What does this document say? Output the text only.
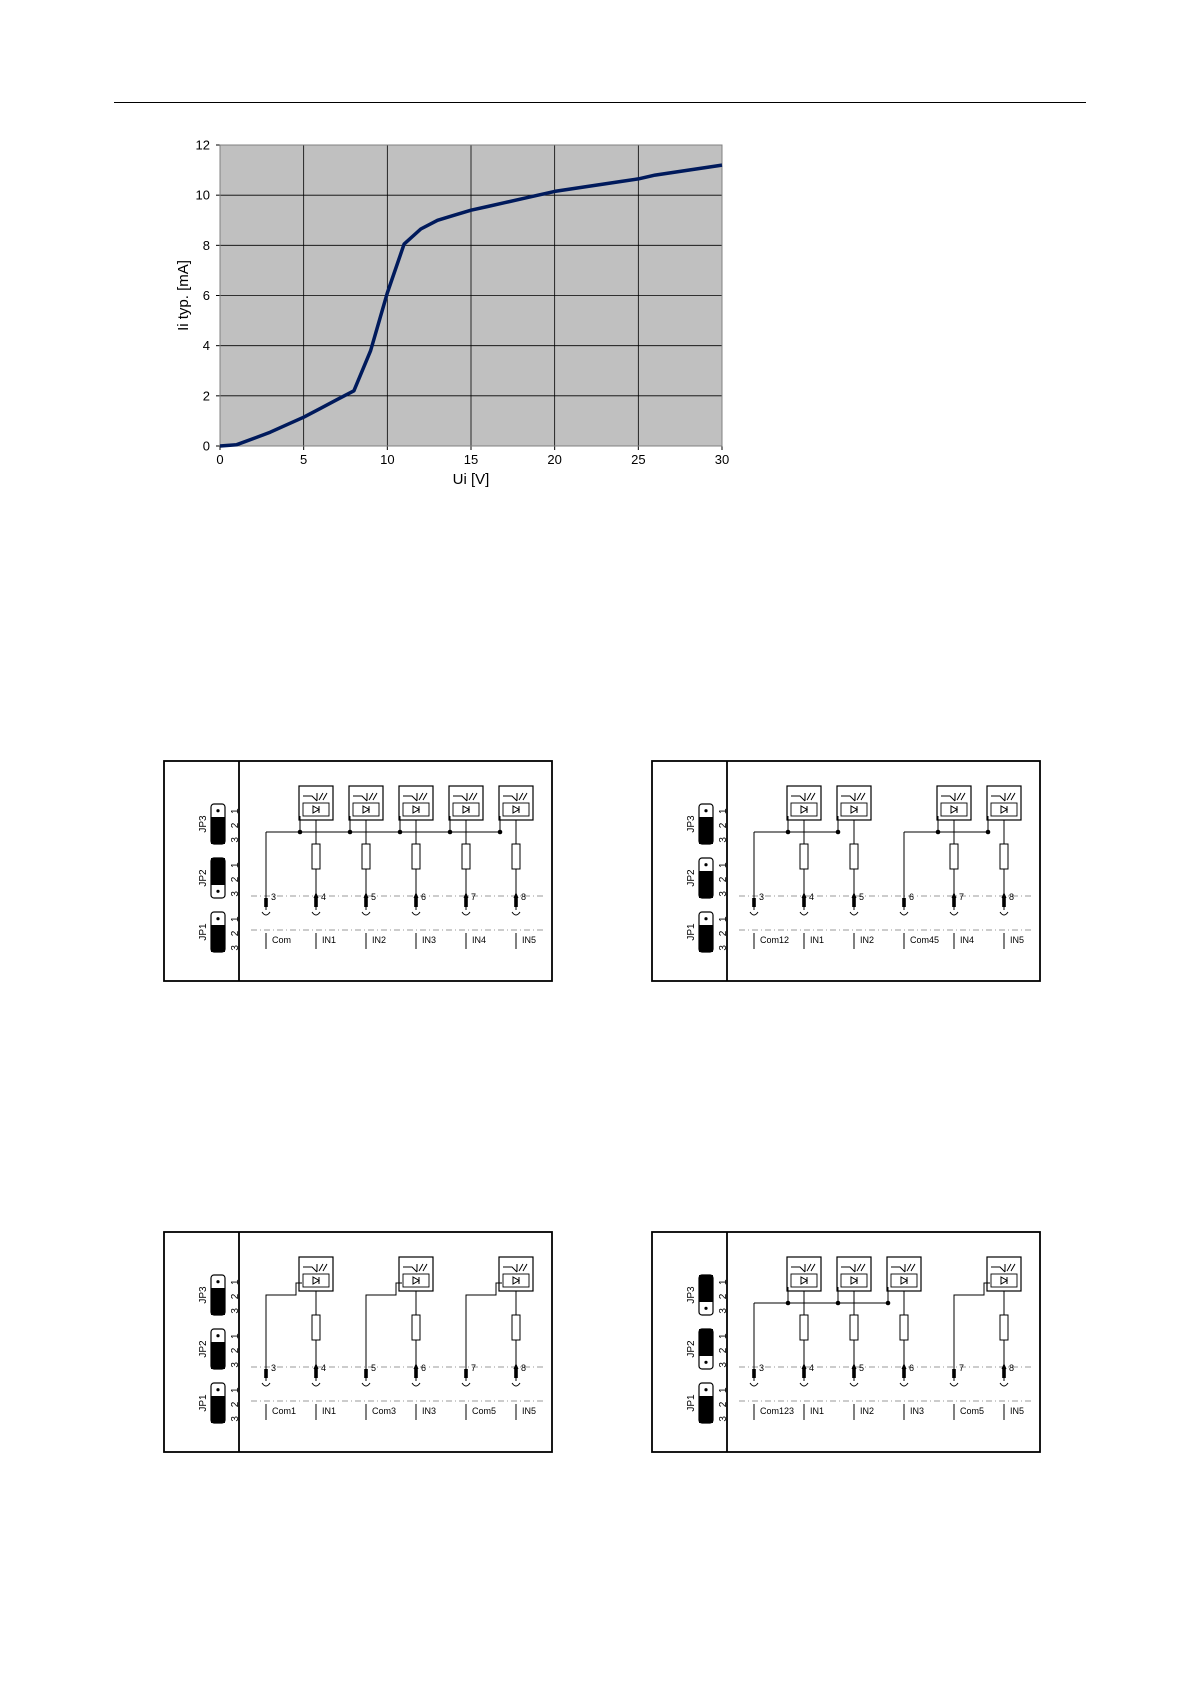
0	5	10	15	20	25	30
0
2
4
6
8
10
12
Ui [V]
Ii typ. [mA]
JP3 3 2 1
JP2 3 2 1
JP1 3 2 1
3
Com
4
IN1
5
IN2
6
IN3
7
IN4
8
IN5
JP3 3 2 1
JP2 3 2 1
JP1 3 2 1
3
Com12
4
IN1
5
IN2
6
Com45
7
IN4
8
IN5
JP3 3 2 1
JP2 3 2 1
JP1 3 2 1
3
Com1
4
IN1
5
Com3
6
IN3
7
Com5
8
IN5
JP3 3 2 1
JP2 3 2 1
JP1 3 2 1
3
Com123
4
IN1
5
IN2
6
IN3
7
Com5
8
IN5
